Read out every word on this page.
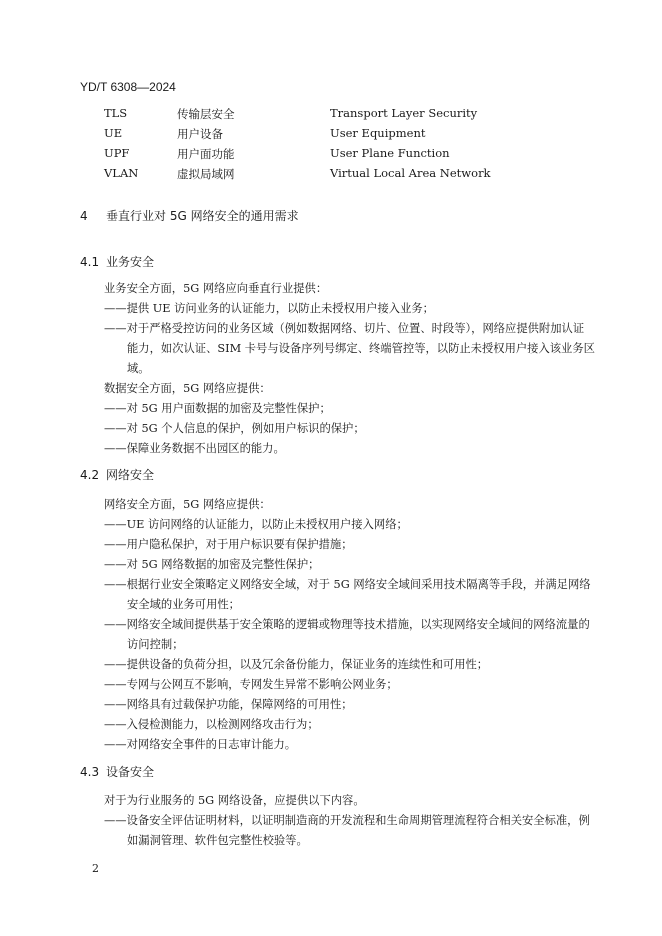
YD/T 6308—2024
TLS	传输层安全	Transport Layer Security
UE	用户设备	User Equipment
UPF	用户面功能	User Plane Function
VLAN	虚拟局域网	Virtual Local Area Network
4 垂直行业对 5G 网络安全的通用需求
4.1 业务安全
业务安全方面，5G 网络应向垂直行业提供：
——提供 UE 访问业务的认证能力，以防止未授权用户接入业务；
——对于严格受控访问的业务区域（例如数据网络、切片、位置、时段等），网络应提供附加认证
能力，如次认证、SIM 卡号与设备序列号绑定、终端管控等，以防止未授权用户接入该业务区
域。
数据安全方面，5G 网络应提供：
——对 5G 用户面数据的加密及完整性保护；
——对 5G 个人信息的保护，例如用户标识的保护；
——保障业务数据不出园区的能力。
4.2 网络安全
网络安全方面，5G 网络应提供：
——UE 访问网络的认证能力，以防止未授权用户接入网络；
——用户隐私保护，对于用户标识要有保护措施；
——对 5G 网络数据的加密及完整性保护；
——根据行业安全策略定义网络安全域，对于 5G 网络安全域间采用技术隔离等手段，并满足网络
安全域的业务可用性；
——网络安全域间提供基于安全策略的逻辑或物理等技术措施，以实现网络安全域间的网络流量的
访问控制；
——提供设备的负荷分担，以及冗余备份能力，保证业务的连续性和可用性；
——专网与公网互不影响，专网发生异常不影响公网业务；
——网络具有过载保护功能，保障网络的可用性；
——入侵检测能力，以检测网络攻击行为；
——对网络安全事件的日志审计能力。
4.3 设备安全
对于为行业服务的 5G 网络设备，应提供以下内容。
——设备安全评估证明材料，以证明制造商的开发流程和生命周期管理流程符合相关安全标准，例
如漏洞管理、软件包完整性校验等。
2
